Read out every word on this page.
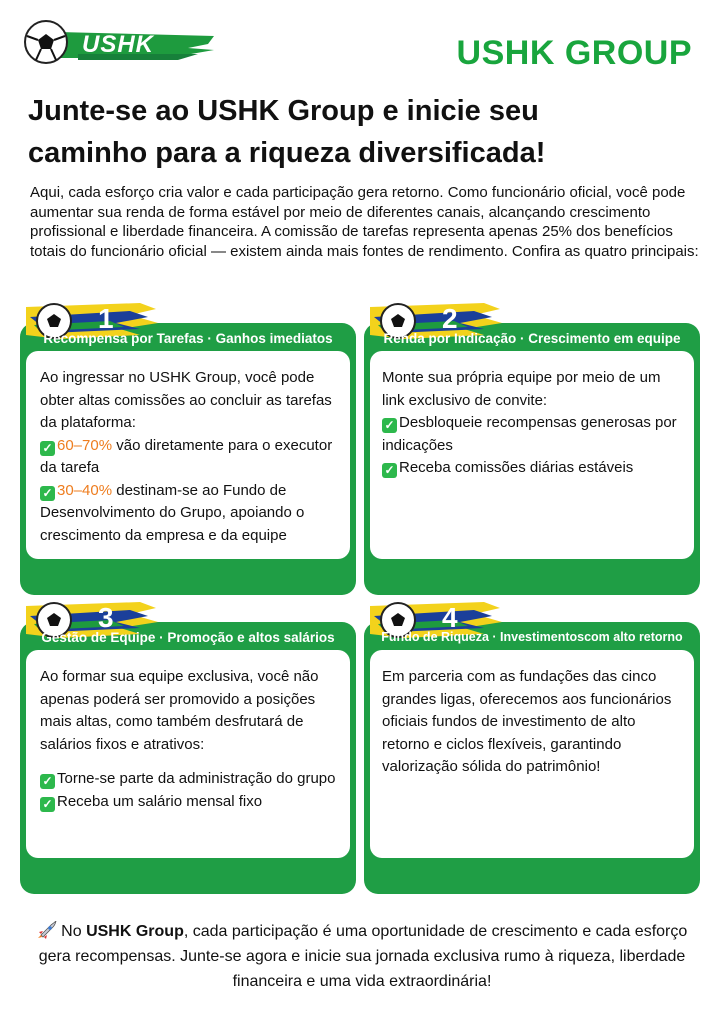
USHK	USHK GROUP
Junte-se ao USHK Group e inicie seu
caminho para a riqueza diversificada!

Aqui, cada esforço cria valor e cada participação gera retorno. Como funcionário oficial, você pode aumentar sua renda de forma estável por meio de diferentes canais, alcançando crescimento profissional e liberdade financeira. A comissão de tarefas representa apenas 25% dos benefícios totais do funcionário oficial — existem ainda mais fontes de rendimento. Confira as quatro principais:

1
Recompensa por Tarefas · Ganhos imediatos
Ao ingressar no USHK Group, você pode obter altas comissões ao concluir as tarefas da plataforma:
✓ 60–70% vão diretamente para o executor da tarefa
✓ 30–40% destinam-se ao Fundo de Desenvolvimento do Grupo, apoiando o crescimento da empresa e da equipe
2
Renda por Indicação · Crescimento em equipe
Monte sua própria equipe por meio de um link exclusivo de convite:
✓ Desbloqueie recompensas generosas por indicações
✓ Receba comissões diárias estáveis
3
Gestão de Equipe · Promoção e altos salários
Ao formar sua equipe exclusiva, você não apenas poderá ser promovido a posições mais altas, como também desfrutará de salários fixos e atrativos:

✓ Torne-se parte da administração do grupo
✓ Receba um salário mensal fixo
4
Fundo de Riqueza · Investimentoscom alto retorno
Em parceria com as fundações das cinco grandes ligas, oferecemos aos funcionários oficiais fundos de investimento de alto retorno e ciclos flexíveis, garantindo valorização sólida do patrimônio!

No USHK Group, cada participação é uma oportunidade de crescimento e cada esforço gera recompensas. Junte-se agora e inicie sua jornada exclusiva rumo à riqueza, liberdade financeira e uma vida extraordinária!
